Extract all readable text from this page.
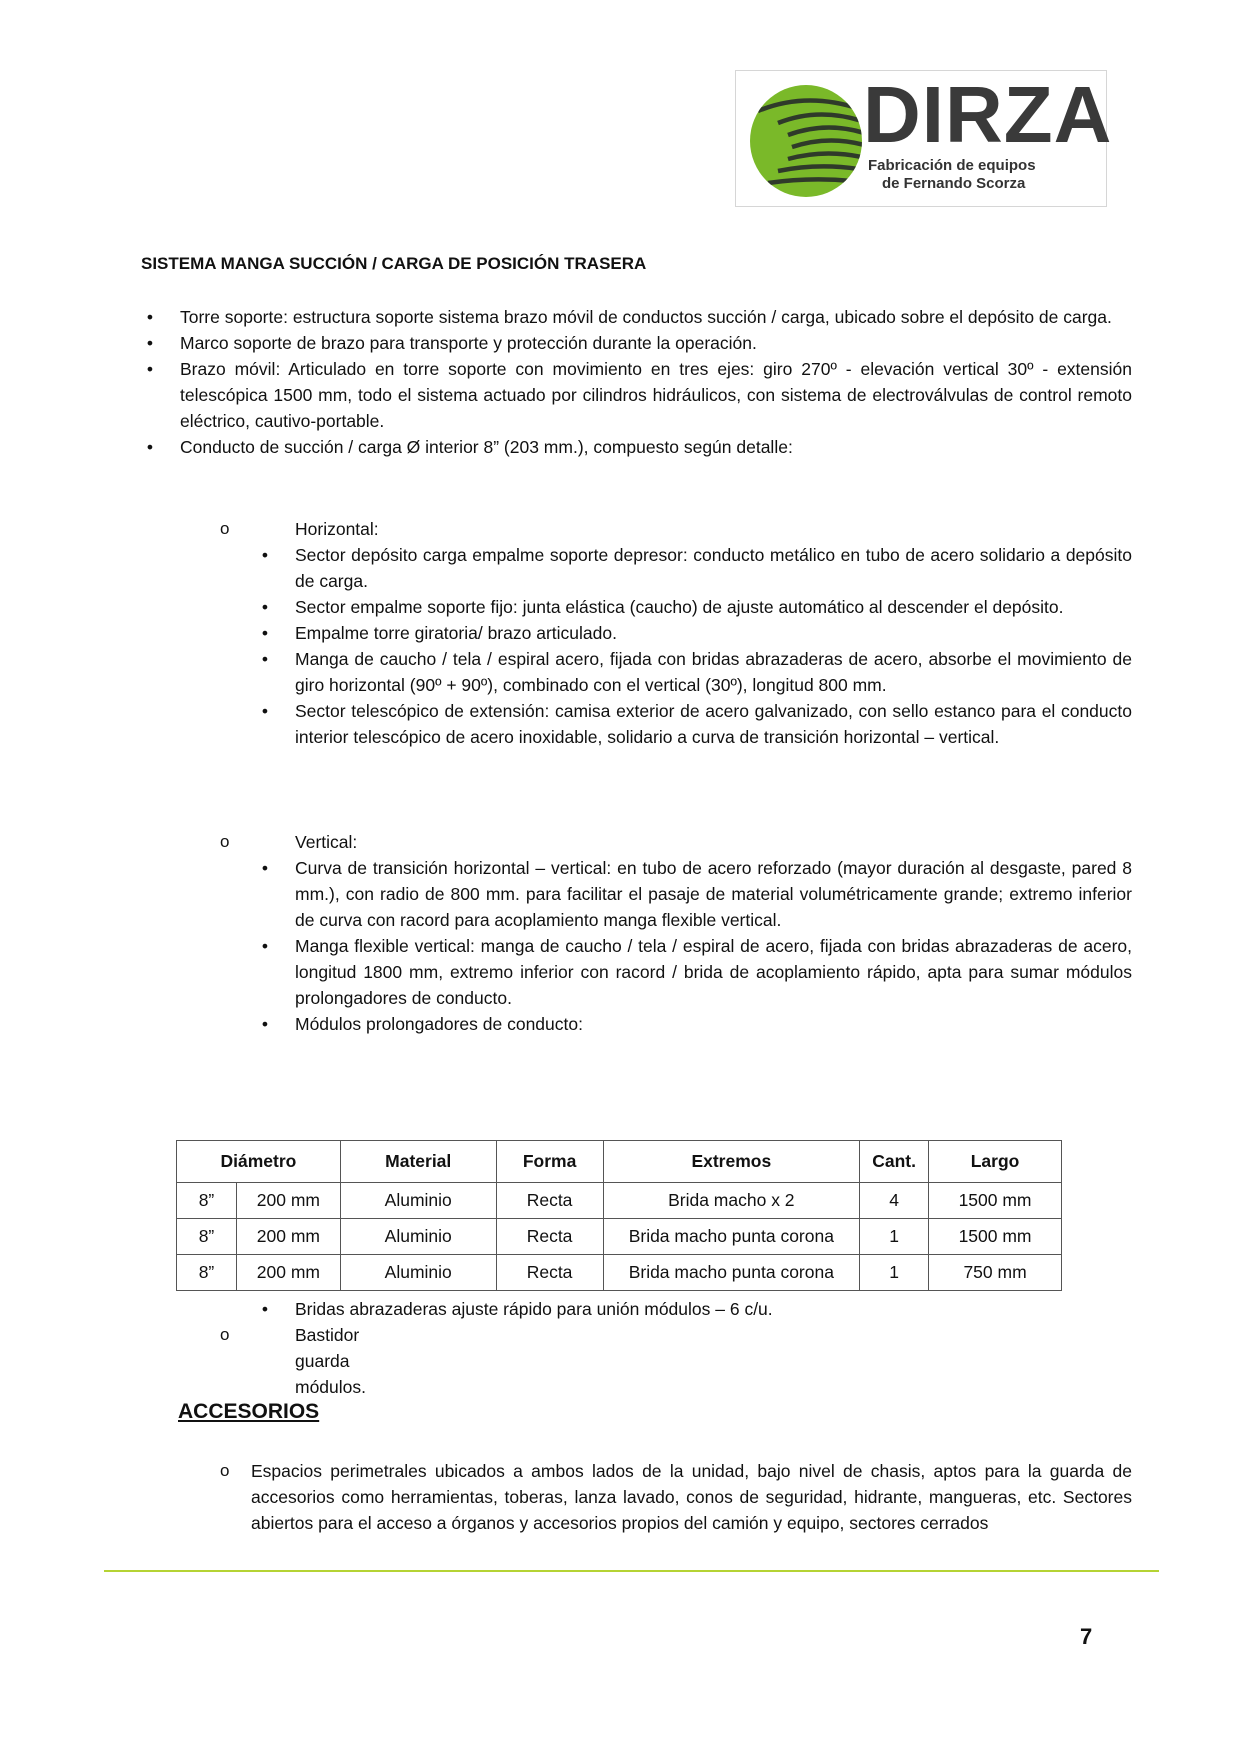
DIRZA
Fabricación de equipos
de Fernando Scorza
SISTEMA MANGA SUCCIÓN / CARGA DE POSICIÓN TRASERA
•	Torre soporte: estructura soporte sistema brazo móvil de conductos succión / carga, ubicado sobre el depósito de carga.
•	Marco soporte de brazo para transporte y protección durante la operación.
•	Brazo móvil: Articulado en torre soporte con movimiento en tres ejes: giro 270º - elevación vertical 30º - extensión telescópica 1500 mm, todo el sistema actuado por cilindros hidráulicos, con sistema de electroválvulas de control remoto eléctrico, cautivo-portable.
•	Conducto de succión / carga Ø interior 8” (203 mm.), compuesto según detalle:
o	Horizontal:
•	Sector depósito carga empalme soporte depresor: conducto metálico en tubo de acero solidario a depósito de carga.
•	Sector empalme soporte fijo: junta elástica (caucho) de ajuste automático al descender el depósito.
•	Empalme torre giratoria/ brazo articulado.
•	Manga de caucho / tela / espiral acero, fijada con bridas abrazaderas de acero, absorbe el movimiento de giro horizontal (90º + 90º), combinado con el vertical (30º), longitud 800 mm.
•	Sector telescópico de extensión: camisa exterior de acero galvanizado, con sello estanco para el conducto interior telescópico de acero inoxidable, solidario a curva de transición horizontal – vertical.
o	Vertical:
•	Curva de transición horizontal – vertical: en tubo de acero reforzado (mayor duración al desgaste, pared 8 mm.), con radio de 800 mm. para facilitar el pasaje de material volumétricamente grande; extremo inferior de curva con racord para acoplamiento manga flexible vertical.
•	Manga flexible vertical: manga de caucho / tela / espiral de acero, fijada con bridas abrazaderas de acero, longitud 1800 mm, extremo inferior con racord / brida de acoplamiento rápido, apta para sumar módulos prolongadores de conducto.
•	Módulos prolongadores de conducto:
Diámetro		Material	Forma	Extremos	Cant.	Largo
8”	200 mm	Aluminio	Recta	Brida macho x 2	4	1500 mm
8”	200 mm	Aluminio	Recta	Brida macho punta corona	1	1500 mm
8”	200 mm	Aluminio	Recta	Brida macho punta corona	1	750 mm
•	Bridas abrazaderas ajuste rápido para unión módulos – 6 c/u.
o	Bastidor guarda módulos.
ACCESORIOS
o Espacios perimetrales ubicados a ambos lados de la unidad, bajo nivel de chasis, aptos para la guarda de accesorios como herramientas, toberas, lanza lavado, conos de seguridad, hidrante, mangueras, etc. Sectores abiertos para el acceso a órganos y accesorios propios del camión y equipo, sectores cerrados
7
